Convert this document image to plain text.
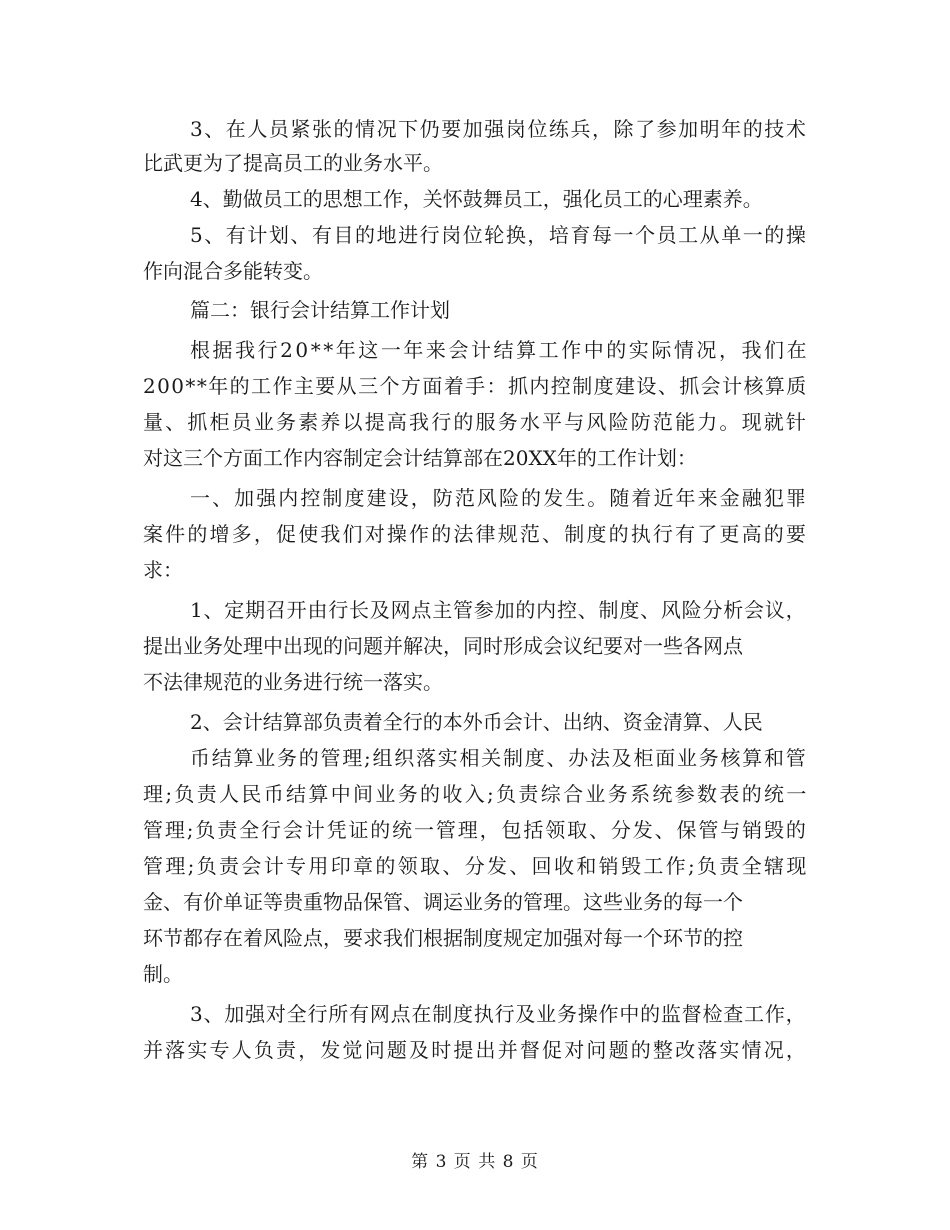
3、在人员紧张的情况下仍要加强岗位练兵，除了参加明年的技术
比武更为了提高员工的业务水平。
4、勤做员工的思想工作，关怀鼓舞员工，强化员工的心理素养。
5、有计划、有目的地进行岗位轮换，培育每一个员工从单一的操
作向混合多能转变。
篇二：银行会计结算工作计划
根据我行20**年这一年来会计结算工作中的实际情况，我们在
200**年的工作主要从三个方面着手：抓内控制度建设、抓会计核算质
量、抓柜员业务素养以提高我行的服务水平与风险防范能力。现就针
对这三个方面工作内容制定会计结算部在20XX年的工作计划：
一、加强内控制度建设，防范风险的发生。随着近年来金融犯罪
案件的增多，促使我们对操作的法律规范、制度的执行有了更高的要
求：
1、定期召开由行长及网点主管参加的内控、制度、风险分析会议，
提出业务处理中出现的问题并解决，同时形成会议纪要对一些各网点
不法律规范的业务进行统一落实。
2、会计结算部负责着全行的本外币会计、出纳、资金清算、人民
币结算业务的管理;组织落实相关制度、办法及柜面业务核算和管
理;负责人民币结算中间业务的收入;负责综合业务系统参数表的统一
管理;负责全行会计凭证的统一管理，包括领取、分发、保管与销毁的
管理;负责会计专用印章的领取、分发、回收和销毁工作;负责全辖现
金、有价单证等贵重物品保管、调运业务的管理。这些业务的每一个
环节都存在着风险点，要求我们根据制度规定加强对每一个环节的控
制。
3、加强对全行所有网点在制度执行及业务操作中的监督检查工作，
并落实专人负责，发觉问题及时提出并督促对问题的整改落实情况，
第 3 页 共 8 页
